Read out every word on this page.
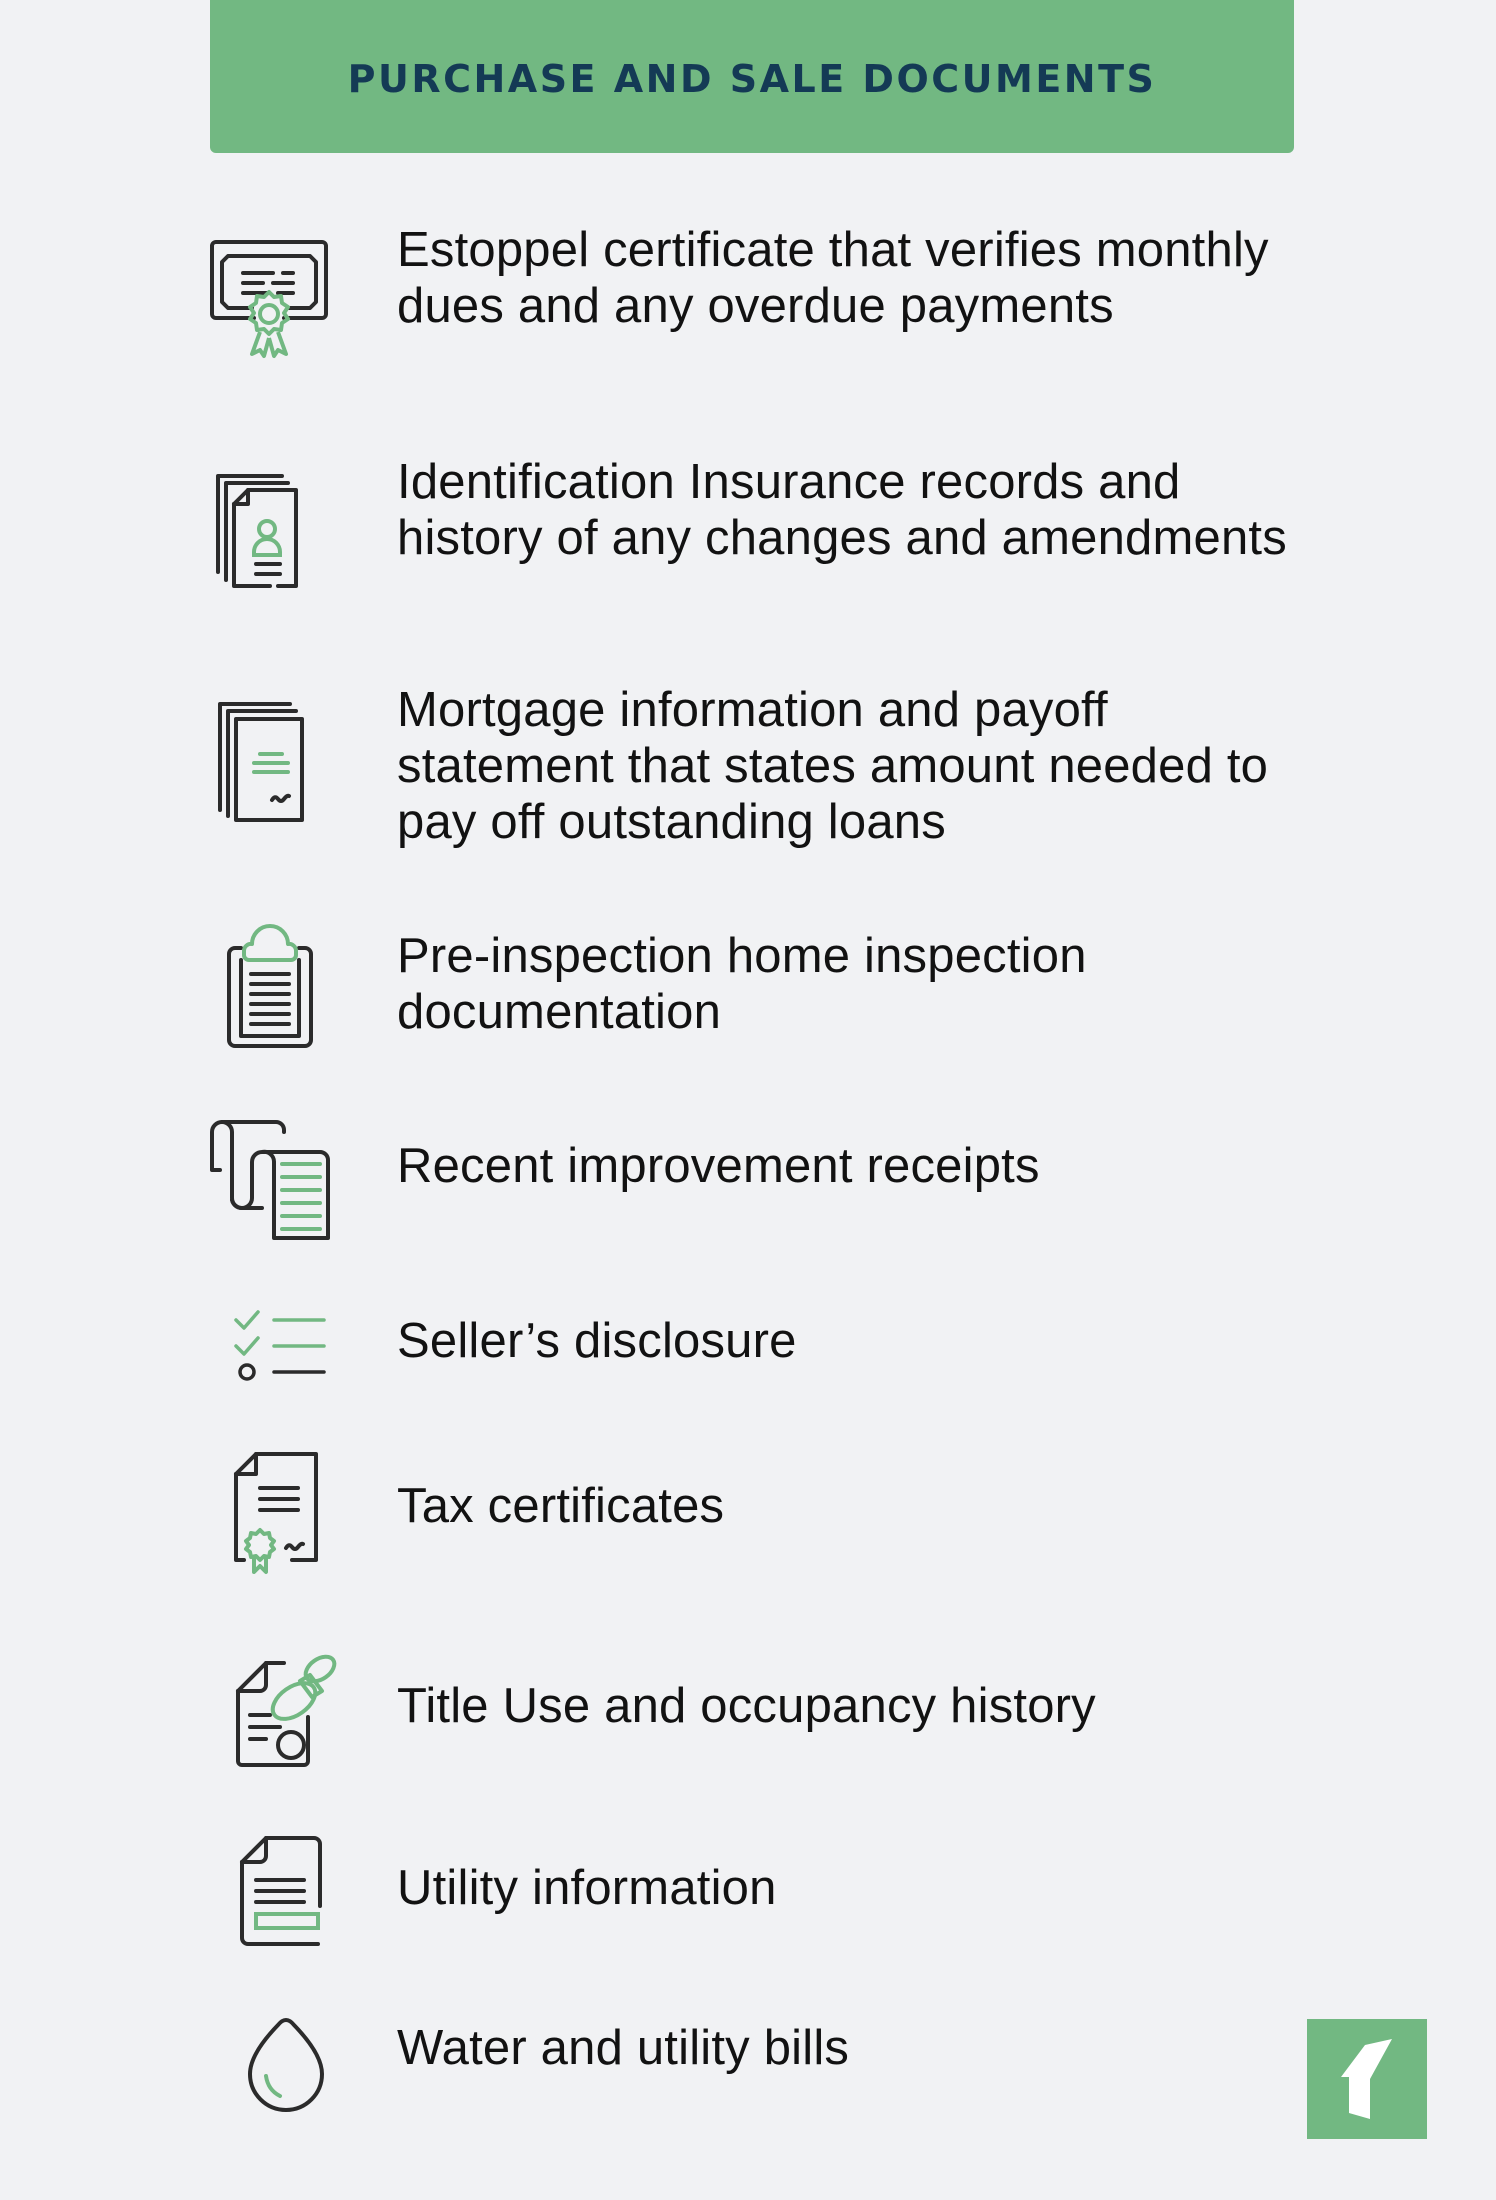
PURCHASE AND SALE DOCUMENTS
Estoppel certificate that verifies monthly dues and any overdue payments
Identification Insurance records and history of any changes and amendments
Mortgage information and payoff statement that states amount needed to pay off outstanding loans
Pre-inspection home inspection documentation
Recent improvement receipts
Seller’s disclosure
Tax certificates
Title Use and occupancy history
Utility information
Water and utility bills
